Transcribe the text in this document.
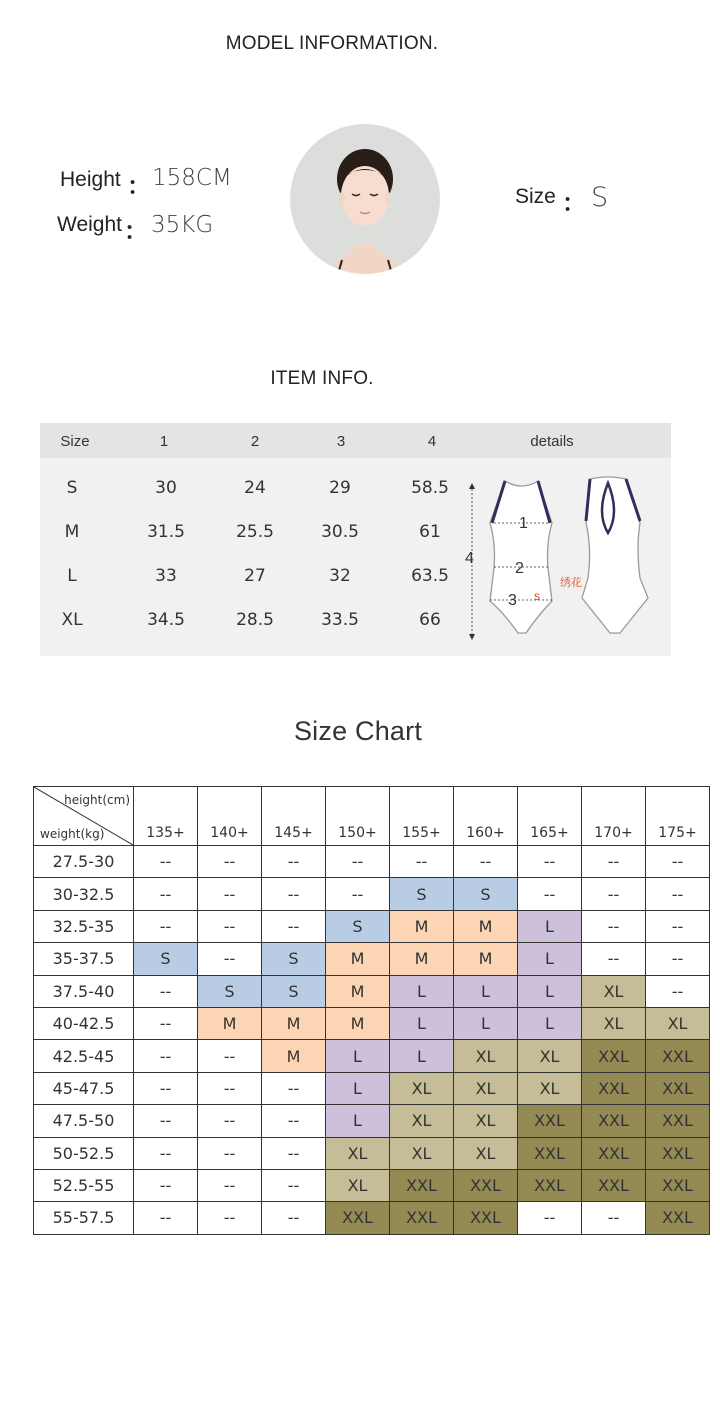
MODEL INFORMATION.
Height ： 158CM
Weight ： 35KG
Size ： S
ITEM INFO.
Size	1	2	3	4	details
S	30	24	29	58.5
M	31.5	25.5	30.5	61
L	33	27	32	63.5
XL	34.5	28.5	33.5	66
1
2
3
4
s
绣花
Size Chart
height(cm)
weight(kg)	135+	140+	145+	150+	155+	160+	165+	170+	175+
27.5-30	--	--	--	--	--	--	--	--	--
30-32.5	--	--	--	--	S	S	--	--	--
32.5-35	--	--	--	S	M	M	L	--	--
35-37.5	S	--	S	M	M	M	L	--	--
37.5-40	--	S	S	M	L	L	L	XL	--
40-42.5	--	M	M	M	L	L	L	XL	XL
42.5-45	--	--	M	L	L	XL	XL	XXL	XXL
45-47.5	--	--	--	L	XL	XL	XL	XXL	XXL
47.5-50	--	--	--	L	XL	XL	XXL	XXL	XXL
50-52.5	--	--	--	XL	XL	XL	XXL	XXL	XXL
52.5-55	--	--	--	XL	XXL	XXL	XXL	XXL	XXL
55-57.5	--	--	--	XXL	XXL	XXL	--	--	XXL
